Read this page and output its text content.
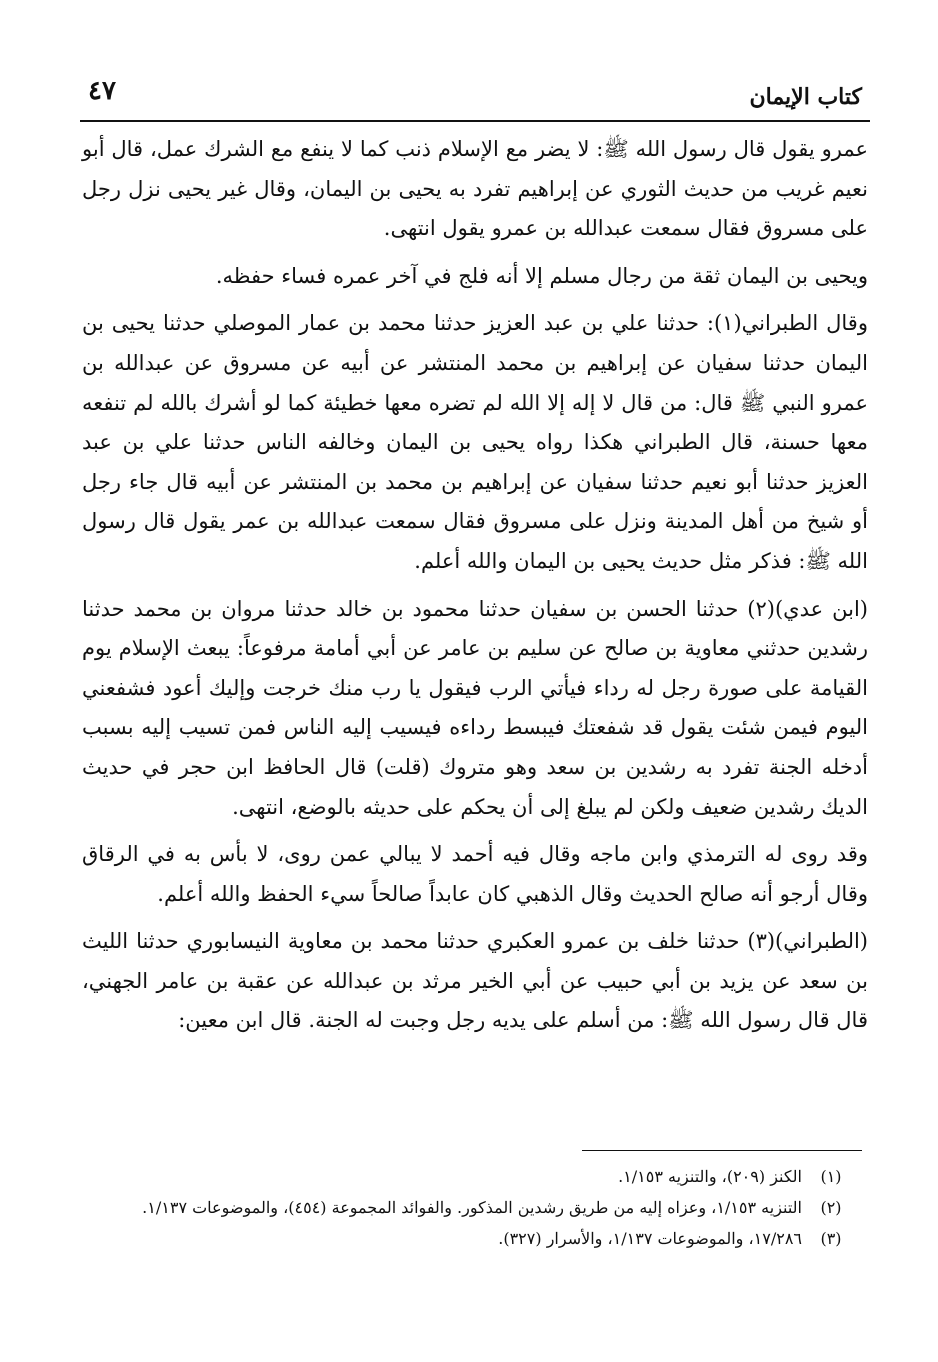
كتاب الإيمان
٤٧

عمرو يقول قال رسول الله ﷺ: لا يضر مع الإسلام ذنب كما لا ينفع مع الشرك عمل، قال أبو نعيم غريب من حديث الثوري عن إبراهيم تفرد به يحيى بن اليمان، وقال غير يحيى نزل رجل على مسروق فقال سمعت عبدالله بن عمرو يقول انتهى.

ويحيى بن اليمان ثقة من رجال مسلم إلا أنه فلج في آخر عمره فساء حفظه.

وقال الطبراني(١): حدثنا علي بن عبد العزيز حدثنا محمد بن عمار الموصلي حدثنا يحيى بن اليمان حدثنا سفيان عن إبراهيم بن محمد المنتشر عن أبيه عن مسروق عن عبدالله بن عمرو النبي ﷺ قال: من قال لا إله إلا الله لم تضره معها خطيئة كما لو أشرك بالله لم تنفعه معها حسنة، قال الطبراني هكذا رواه يحيى بن اليمان وخالفه الناس حدثنا علي بن عبد العزيز حدثنا أبو نعيم حدثنا سفيان عن إبراهيم بن محمد بن المنتشر عن أبيه قال جاء رجل أو شيخ من أهل المدينة ونزل على مسروق فقال سمعت عبدالله بن عمر يقول قال رسول الله ﷺ: فذكر مثل حديث يحيى بن اليمان والله أعلم.

(ابن عدي)(٢) حدثنا الحسن بن سفيان حدثنا محمود بن خالد حدثنا مروان بن محمد حدثنا رشدين حدثني معاوية بن صالح عن سليم بن عامر عن أبي أمامة مرفوعاً: يبعث الإسلام يوم القيامة على صورة رجل له رداء فيأتي الرب فيقول يا رب منك خرجت وإليك أعود فشفعني اليوم فيمن شئت يقول قد شفعتك فيبسط رداءه فيسيب إليه الناس فمن تسيب إليه بسبب أدخله الجنة تفرد به رشدين بن سعد وهو متروك (قلت) قال الحافظ ابن حجر في حديث الديك رشدين ضعيف ولكن لم يبلغ إلى أن يحكم على حديثه بالوضع، انتهى.

وقد روى له الترمذي وابن ماجه وقال فيه أحمد لا يبالي عمن روى، لا بأس به في الرقاق وقال أرجو أنه صالح الحديث وقال الذهبي كان عابداً صالحاً سيء الحفظ والله أعلم.

(الطبراني)(٣) حدثنا خلف بن عمرو العكبري حدثنا محمد بن معاوية النيسابوري حدثنا الليث بن سعد عن يزيد بن أبي حبيب عن أبي الخير مرثد بن عبدالله عن عقبة بن عامر الجهني، قال قال رسول الله ﷺ: من أسلم على يديه رجل وجبت له الجنة. قال ابن معين:

(١)
الكنز (٢٠٩)، والتنزيه ١/١٥٣.
(٢)
التنزيه ١/١٥٣، وعزاه إليه من طريق رشدين المذكور. والفوائد المجموعة (٤٥٤)، والموضوعات ١/١٣٧.
(٣)
١٧/٢٨٦، والموضوعات ١/١٣٧، والأسرار (٣٢٧).
